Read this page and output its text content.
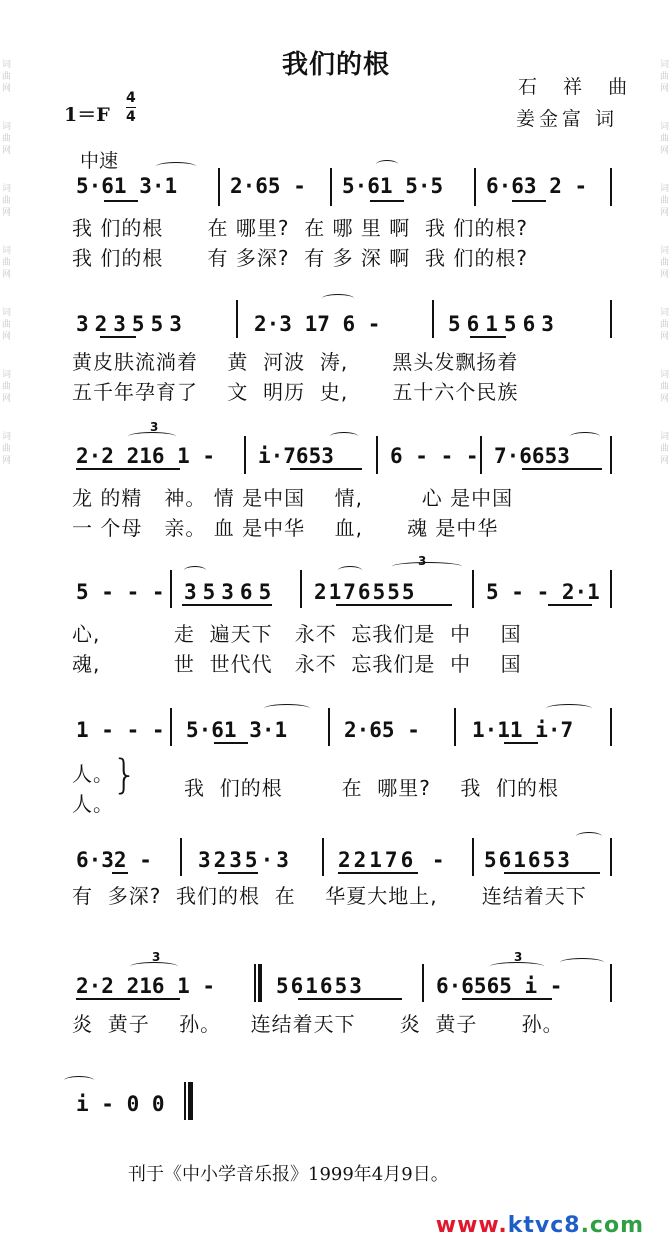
词
曲
网
词
曲
网
词
曲
网
词
曲
网
词
曲
网
词
曲
网
词
曲
网
词
曲
网
词
曲
网
词
曲
网
词
曲
网
词
曲
网
词
曲
网
词
曲
网
我们的根
石 祥 曲
姜金富 词
1＝F
4
4
中速
5·61 3·1	2·65 - 5·61 5·5 6·63 2 -
我 们的根      在 哪里?  在 哪 里 啊  我 们的根?
我 们的根      有 多深?  有 多 深 啊  我 们的根?
323553	2·3 17 6 -	561563
黄皮肤流淌着    黄  河波  涛,      黑头发飘扬着
五千年孕育了    文  明历  史,      五十六个民族
2·2 216 1 - i·7653	6 - - - 7·6653
3
龙 的精   神。 情 是中国    情,        心 是中国
一 个母   亲。 血 是中华    血,      魂 是中华
5 - - - 35365 2176555	5 - - 2·1
3
心,          走  遍天下   永不  忘我们是  中    国
魂,          世  世代代   永不  忘我们是  中    国
1 - - - 5·61 3·1	2·65 - 1·11 i·7
人。
人。
} 我  们的根        在  哪里?    我  们的根
6·32 - 3235·3 22176 - 561653
有  多深?  我们的根  在    华夏大地上,      连结着天下
2·2 216 1 -	561653	6·6565 i -
3	3
炎  黄子    孙。    连结着天下      炎  黄子      孙。
i - 0 0
刊于《中小学音乐报》1999年4月9日。
www.ktvc8.com
